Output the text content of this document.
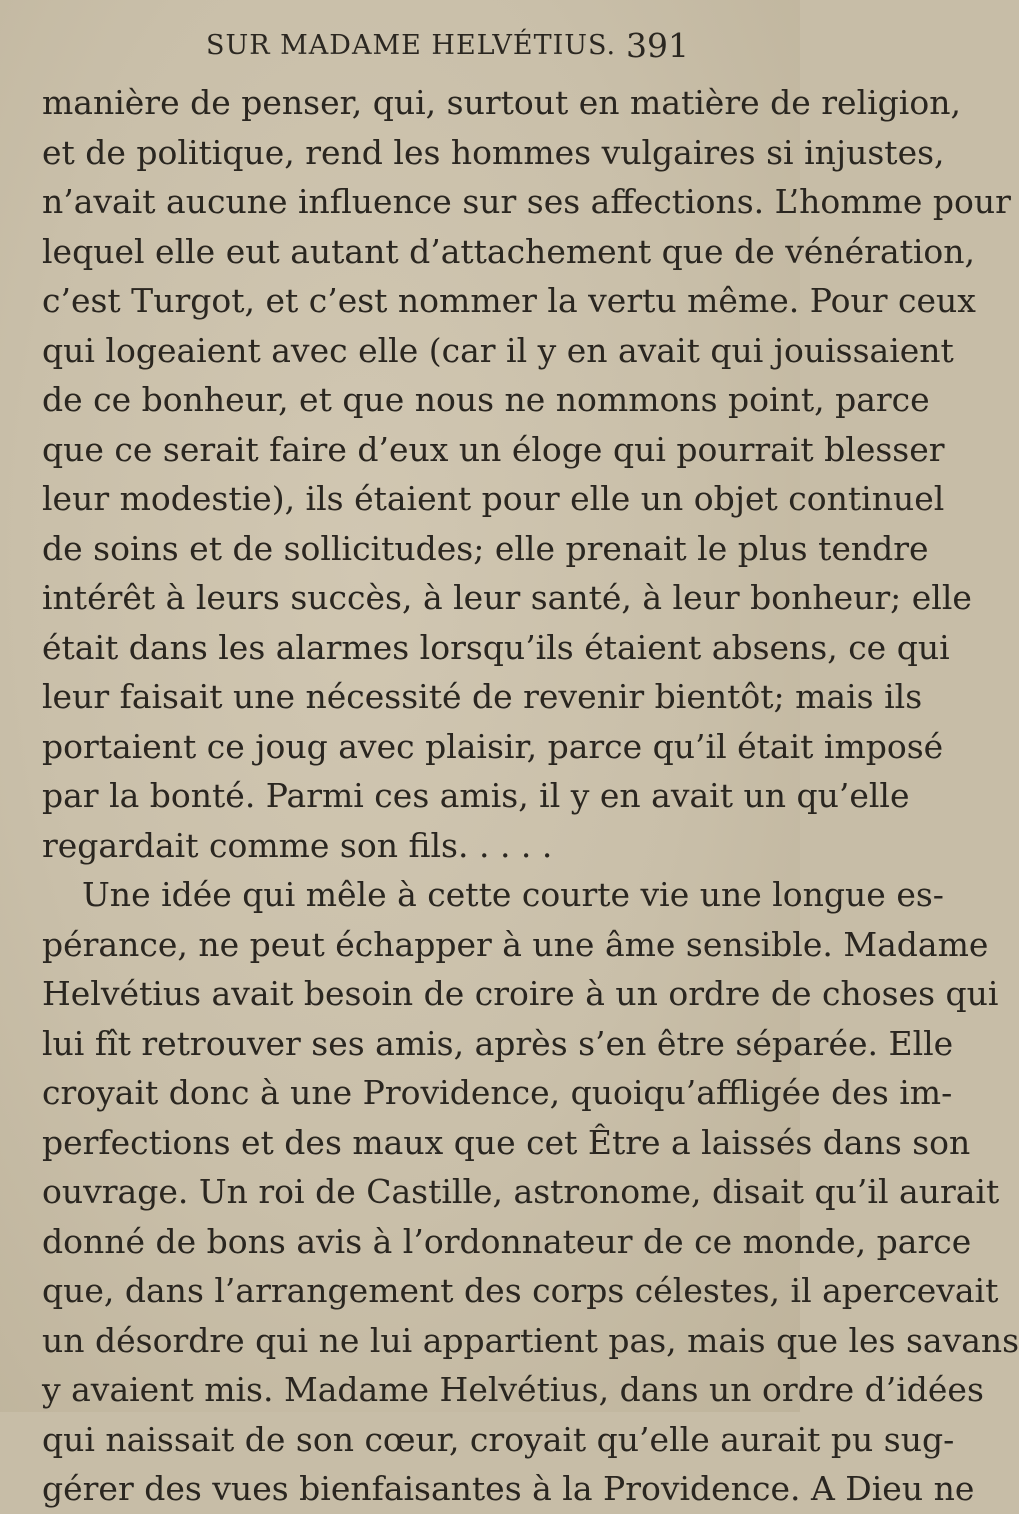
SUR MADAME HELVÉTIUS. 391
manière de penser, qui, surtout en matière de religion,
et de politique, rend les hommes vulgaires si injustes,
n’avait aucune influence sur ses affections. L’homme pour
lequel elle eut autant d’attachement que de vénération,
c’est Turgot, et c’est nommer la vertu même. Pour ceux
qui logeaient avec elle (car il y en avait qui jouissaient
de ce bonheur, et que nous ne nommons point, parce
que ce serait faire d’eux un éloge qui pourrait blesser
leur modestie), ils étaient pour elle un objet continuel
de soins et de sollicitudes; elle prenait le plus tendre
intérêt à leurs succès, à leur santé, à leur bonheur; elle
était dans les alarmes lorsqu’ils étaient absens, ce qui
leur faisait une nécessité de revenir bientôt; mais ils
portaient ce joug avec plaisir, parce qu’il était imposé
par la bonté. Parmi ces amis, il y en avait un qu’elle
regardait comme son fils. . . . .
Une idée qui mêle à cette courte vie une longue es-
pérance, ne peut échapper à une âme sensible. Madame
Helvétius avait besoin de croire à un ordre de choses qui
lui fît retrouver ses amis, après s’en être séparée. Elle
croyait donc à une Providence, quoiqu’affligée des im-
perfections et des maux que cet Être a laissés dans son
ouvrage. Un roi de Castille, astronome, disait qu’il aurait
donné de bons avis à l’ordonnateur de ce monde, parce
que, dans l’arrangement des corps célestes, il apercevait
un désordre qui ne lui appartient pas, mais que les savans
y avaient mis. Madame Helvétius, dans un ordre d’idées
qui naissait de son cœur, croyait qu’elle aurait pu sug-
gérer des vues bienfaisantes à la Providence. A Dieu ne
